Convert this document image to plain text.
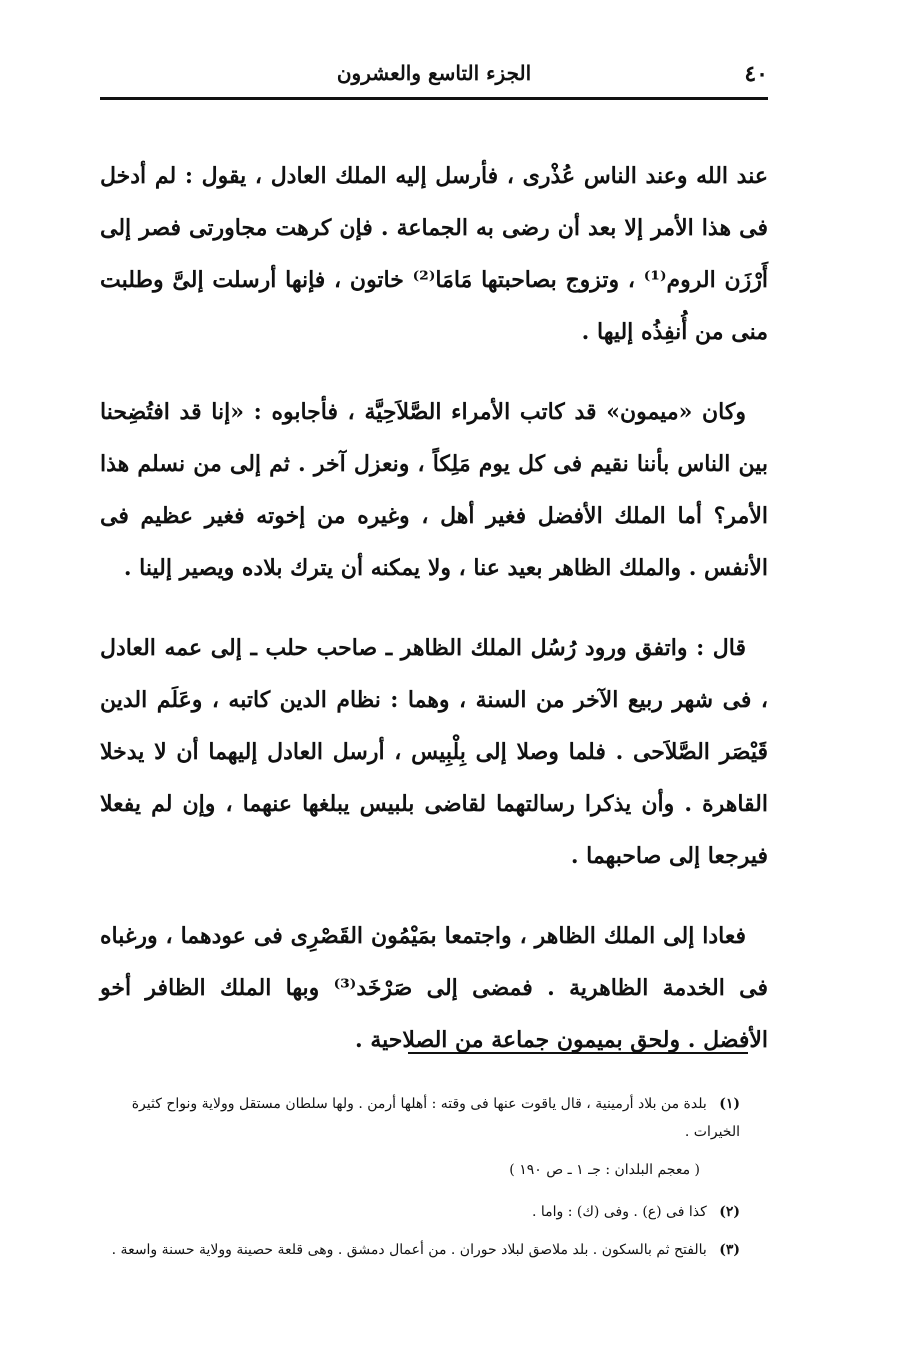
٤٠
الجزء التاسع والعشرون

عند الله وعند الناس عُذْرى ، فأرسل إليه الملك العادل ، يقول : لم أدخل فى هذا الأمر إلا بعد أن رضى به الجماعة . فإن كرهت مجاورتى فصر إلى أَرْزَن الروم⁽¹⁾ ، وتزوج بصاحبتها مَامَا⁽²⁾ خاتون ، فإنها أرسلت إلىَّ وطلبت منى من أُنفِذُه إليها .

وكان «ميمون» قد كاتب الأمراء الصَّلاَحِيَّة ، فأجابوه : «إنا قد افتُضِحنا بين الناس بأننا نقيم فى كل يوم مَلِكاً ، ونعزل آخر . ثم إلى من نسلم هذا الأمر؟ أما الملك الأفضل فغير أهل ، وغيره من إخوته فغير عظيم فى الأنفس . والملك الظاهر بعيد عنا ، ولا يمكنه أن يترك بلاده ويصير إلينا .

قال : واتفق ورود رُسُل الملك الظاهر ـ صاحب حلب ـ إلى عمه العادل ، فى شهر ربيع الآخر من السنة ، وهما : نظام الدين كاتبه ، وعَلَم الدين قَيْصَر الصَّلاَحى . فلما وصلا إلى بِلْبِيس ، أرسل العادل إليهما أن لا يدخلا القاهرة . وأن يذكرا رسالتهما لقاضى بلبيس يبلغها عنهما ، وإن لم يفعلا فيرجعا إلى صاحبهما .

فعادا إلى الملك الظاهر ، واجتمعا بمَيْمُون القَصْرِى فى عودهما ، ورغباه فى الخدمة الظاهرية . فمضى إلى صَرْخَد⁽³⁾ وبها الملك الظافر أخو الأفضل . ولحق بميمون جماعة من الصلاحية .

(١) بلدة من بلاد أرمينية ، قال ياقوت عنها فى وقته : أهلها أرمن . ولها سلطان مستقل وولاية ونواح كثيرة الخيرات .
( معجم البلدان : جـ ١ ـ ص ١٩٠ )
(٢) كذا فى (ع) . وفى (ك) : واما .
(٣) بالفتح ثم بالسكون . بلد ملاصق لبلاد حوران . من أعمال دمشق . وهى قلعة حصينة وولاية حسنة واسعة .
